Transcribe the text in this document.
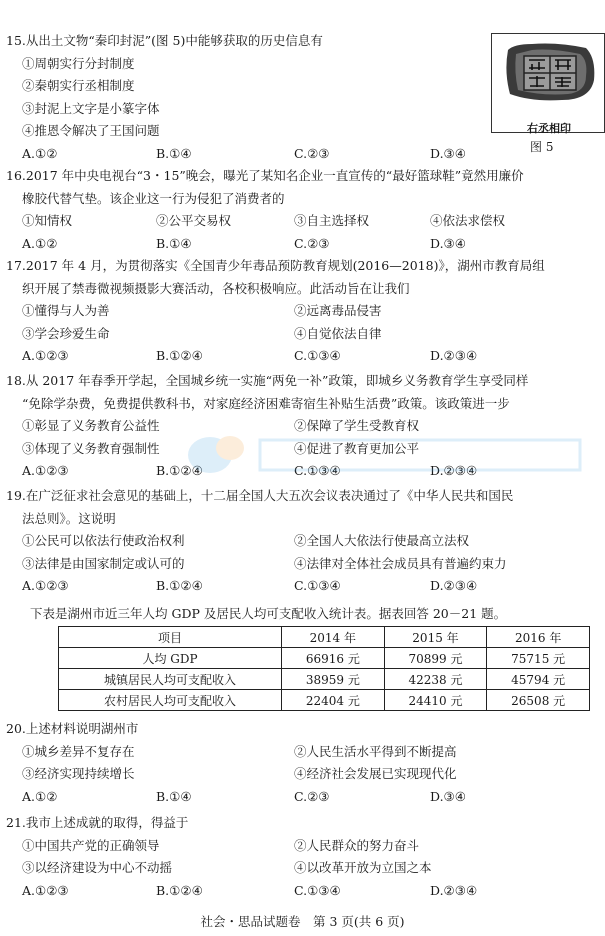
15.从出土文物“秦印封泥”(图 5)中能够获取的历史信息有
①周朝实行分封制度
②秦朝实行丞相制度
③封泥上文字是小篆字体
④推恩令解决了王国问题
A.①②	B.①④	C.②③	D.③④
右丞相印
图 5
16.2017 年中央电视台“3・15”晚会，曝光了某知名企业一直宣传的“最好篮球鞋”竟然用廉价
橡胶代替气垫。该企业这一行为侵犯了消费者的
①知情权	②公平交易权	③自主选择权	④依法求偿权
A.①②	B.①④	C.②③	D.③④
17.2017 年 4 月，为贯彻落实《全国青少年毒品预防教育规划(2016—2018)》，湖州市教育局组
织开展了禁毒微视频摄影大赛活动，各校积极响应。此活动旨在让我们
①懂得与人为善	②远离毒品侵害
③学会珍爱生命	④自觉依法自律
A.①②③	B.①②④	C.①③④	D.②③④
18.从 2017 年春季开学起，全国城乡统一实施“两免一补”政策，即城乡义务教育学生享受同样
“免除学杂费，免费提供教科书，对家庭经济困难寄宿生补贴生活费”政策。该政策进一步
①彰显了义务教育公益性	②保障了学生受教育权
③体现了义务教育强制性	④促进了教育更加公平
A.①②③	B.①②④	C.①③④	D.②③④
19.在广泛征求社会意见的基础上，十二届全国人大五次会议表决通过了《中华人民共和国民
法总则》。这说明
①公民可以依法行使政治权利	②全国人大依法行使最高立法权
③法律是由国家制定或认可的	④法律对全体社会成员具有普遍约束力
A.①②③	B.①②④	C.①③④	D.②③④
下表是湖州市近三年人均 GDP 及居民人均可支配收入统计表。据表回答 20－21 题。
项目	2014 年	2015 年	2016 年
人均 GDP	66916 元	70899 元	75715 元
城镇居民人均可支配收入	38959 元	42238 元	45794 元
农村居民人均可支配收入	22404 元	24410 元	26508 元
20.上述材料说明湖州市
①城乡差异不复存在	②人民生活水平得到不断提高
③经济实现持续增长	④经济社会发展已实现现代化
A.①②	B.①④	C.②③	D.③④
21.我市上述成就的取得，得益于
①中国共产党的正确领导	②人民群众的努力奋斗
③以经济建设为中心不动摇	④以改革开放为立国之本
A.①②③	B.①②④	C.①③④	D.②③④
社会・思品试题卷　第 3 页(共 6 页)
